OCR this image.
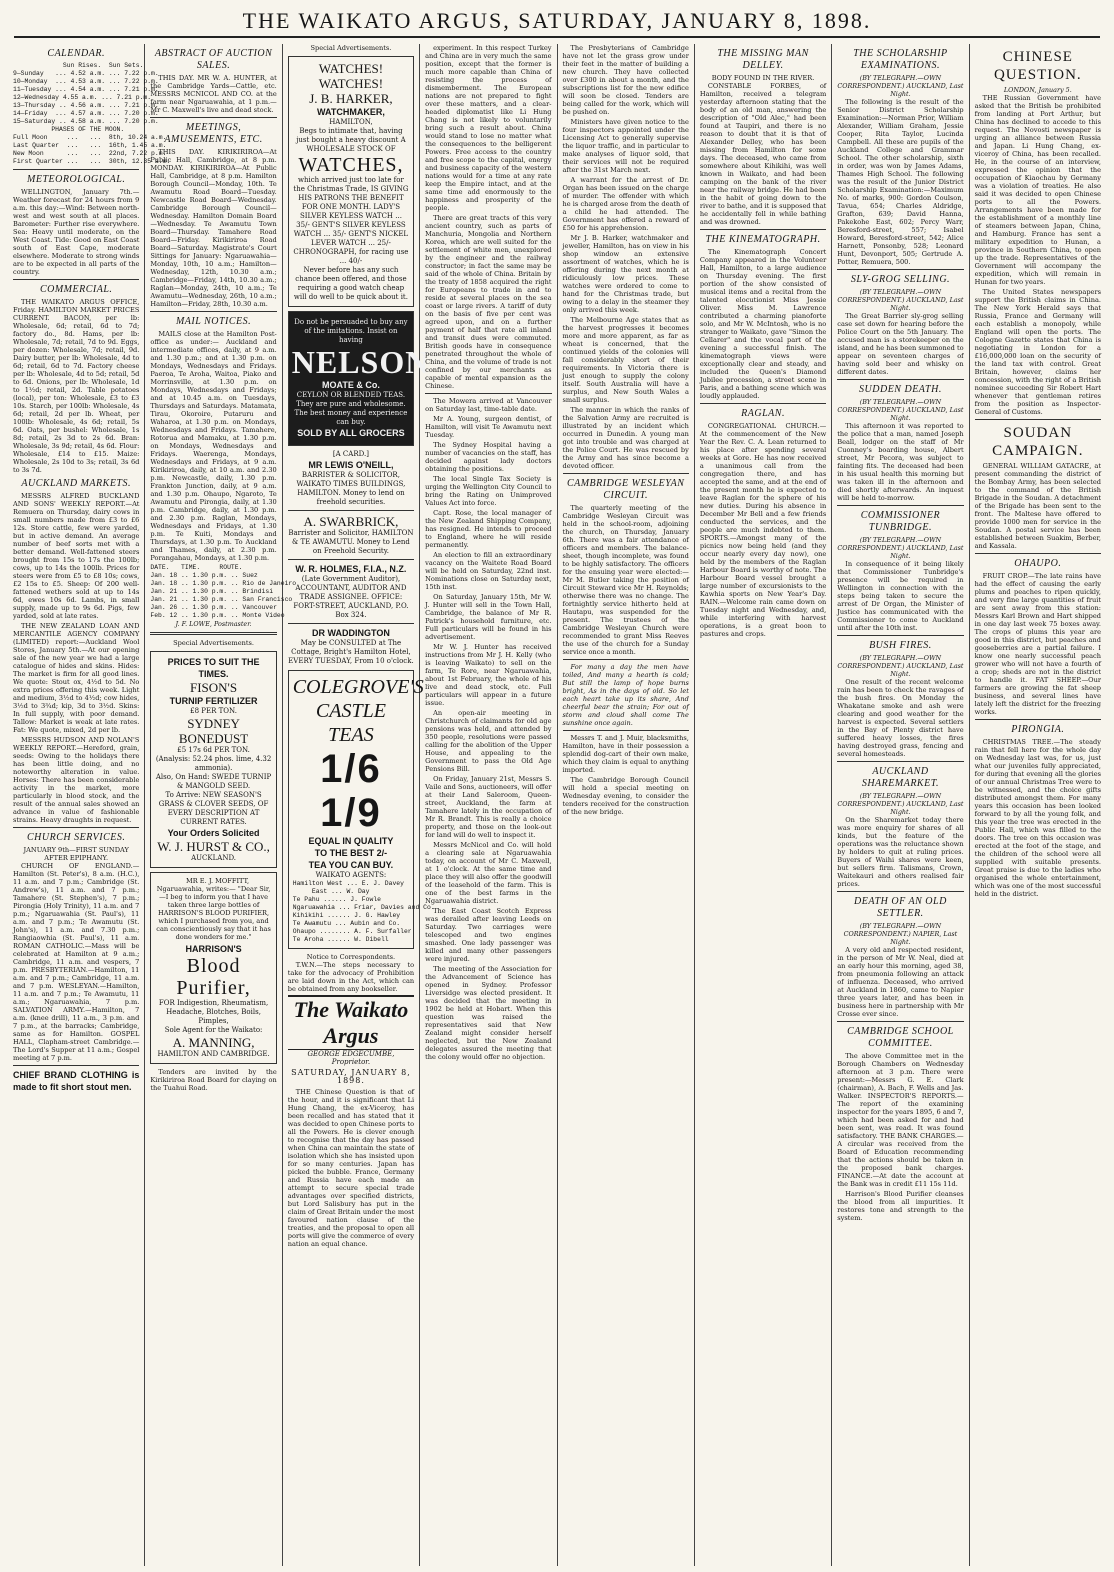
THE WAIKATO ARGUS, SATURDAY, JANUARY 8, 1898.
CALENDAR.
Sun Rises.  Sun Sets.
9—Sunday   ... 4.52 a.m. ... 7.22 p.m.
10—Monday  ... 4.53 a.m. ... 7.22 p.m.
11—Tuesday ... 4.54 a.m. ... 7.21 p.m.
12—Wednesday 4.55 a.m. ... 7.21 p.m.
13—Thursday .. 4.56 a.m. ... 7.21 p.m.
14—Friday  ... 4.57 a.m. ... 7.20 p.m.
15—Saturday .. 4.58 a.m. ... 7.20 p.m.
PHASES OF THE MOON.
Full Moon     ...   ...  8th, 10.24 a.m.
Last Quarter  ...   ...  16th, 1.45 a.m.
New Moon      ...   ...  22nd, 7.22 p.m.
First Quarter ...   ...  30th, 12.35 a.m.
METEOROLOGICAL.

WELLINGTON, January 7th.—Weather forecast for 24 hours from 9 a.m. this day:—Wind: Between north-west and west south at all places. Barometer: Further rise everywhere. Sea: Heavy until moderate, on the West Coast. Tide: Good on East Coast south of East Cape, moderate elsewhere. Moderate to strong winds are to be expected in all parts of the country.

COMMERCIAL.

THE WAIKATO ARGUS OFFICE, Friday. HAMILTON MARKET PRICES CURRENT. BACON, per lb: Wholesale, 6d; retail, 6d to 7d; factory do., 8d. Hams, per lb: Wholesale, 7d; retail, 7d to 9d. Eggs, per dozen: Wholesale, 7d; retail, 9d. Dairy butter, per lb: Wholesale, 4d to 6d; retail, 6d to 7d. Factory cheese per lb: Wholesale, 4d to 5d; retail, 5d to 6d. Onions, per lb: Wholesale, 1d to 1½d; retail, 2d. Table potatoes (local), per ton: Wholesale, £3 to £3 10s. Starch, per 100lb: Wholesale, 4s 6d; retail, 2d per lb. Wheat, per 100lb: Wholesale, 4s 6d; retail, 5s 6d. Oats, per bushel: Wholesale, 1s 8d; retail, 2s 3d to 2s 6d. Bran: Wholesale, 3s 9d; retail, 4s 6d. Flour: Wholesale, £14 to £15. Maize: Wholesale, 2s 10d to 3s; retail, 3s 6d to 3s 7d.

AUCKLAND MARKETS.

MESSRS ALFRED BUCKLAND AND SONS' WEEKLY REPORT.—At Remuera on Thursday, dairy cows in small numbers made from £3 to £6 12s. Store cattle, few were yarded, but in active demand. An average number of beef sorts met with a better demand. Well-fattened steers brought from 15s to 17s the 100lb; cows, up to 14s the 100lb. Prices for steers were from £5 to £8 10s; cows, £2 15s to £5. Sheep: Of 200 well-fattened wethers sold at up to 14s 6d, ewes 10s 6d. Lambs, in small supply, made up to 9s 6d. Pigs, few yarded, sold at late rates.

THE NEW ZEALAND LOAN AND MERCANTILE AGENCY COMPANY (LIMITED) report:—Auckland Wool Stores, January 5th.—At our opening sale of the new year we had a large catalogue of hides and skins. Hides: The market is firm for all good lines. We quote: Stout ox, 4½d to 5d. No extra prices offering this week. Light and medium, 3½d to 4½d; cow hides, 3½d to 3¾d; kip, 3d to 3½d. Skins: In full supply, with poor demand. Tallow: Market is weak at late rates. Fat: We quote, mixed, 2d per lb.

MESSRS HUDSON AND NOLAN'S WEEKLY REPORT.—Hereford, grain, seeds: Owing to the holidays there has been little doing, and no noteworthy alteration in value. Horses: There has been considerable activity in the market, more particularly in blood stock, and the result of the annual sales showed an advance in value of fashionable strains. Heavy draughts in request.

CHURCH SERVICES.
JANUARY 9th—FIRST SUNDAY AFTER EPIPHANY.

CHURCH OF ENGLAND.—Hamilton (St. Peter's), 8 a.m. (H.C.), 11 a.m. and 7 p.m.; Cambridge (St. Andrew's), 11 a.m. and 7 p.m.; Tamahere (St. Stephen's), 7 p.m.; Pirongia (Holy Trinity), 11 a.m. and 7 p.m.; Ngaruawahia (St. Paul's), 11 a.m. and 7 p.m.; Te Awamutu (St. John's), 11 a.m. and 7.30 p.m.; Rangiaowhia (St. Paul's), 11 a.m. ROMAN CATHOLIC.—Mass will be celebrated at Hamilton at 9 a.m.; Cambridge, 11 a.m. and vespers, 7 p.m. PRESBYTERIAN.—Hamilton, 11 a.m. and 7 p.m.; Cambridge, 11 a.m. and 7 p.m. WESLEYAN.—Hamilton, 11 a.m. and 7 p.m.; Te Awamutu, 11 a.m.; Ngaruawahia, 7 p.m. SALVATION ARMY.—Hamilton, 7 a.m. (knee drill), 11 a.m., 3 p.m. and 7 p.m., at the barracks; Cambridge, same as for Hamilton. GOSPEL HALL, Clapham-street Cambridge.—The Lord's Supper at 11 a.m.; Gospel meeting at 7 p.m.

CHIEF BRAND CLOTHING is made to fit short stout men.
ABSTRACT OF AUCTION SALES.

THIS DAY. MR W. A. HUNTER, at the Cambridge Yards—Cattle, etc. MESSRS MCNICOL AND CO. at the farm near Ngaruawahia, at 1 p.m.—Mr C. Maxwell's live and dead stock.

MEETINGS, AMUSEMENTS, ETC.

THIS DAY. KIRIKIRIROA—At Public Hall, Cambridge, at 8 p.m. MONDAY. KIRIKIRIROA—At Public Hall, Cambridge, at 8 p.m. Hamilton Borough Council—Monday, 10th. Te Awamutu Road Board—Tuesday. Newcastle Road Board—Wednesday. Cambridge Borough Council—Wednesday. Hamilton Domain Board—Wednesday. Te Awamutu Town Board—Thursday. Tamahere Road Board—Friday. Kirikiriroa Road Board—Saturday. Magistrate's Court Sittings for January: Ngaruawahia—Monday, 10th, 10 a.m.; Hamilton—Wednesday, 12th, 10.30 a.m.; Cambridge—Friday, 14th, 10.30 a.m.; Raglan—Monday, 24th, 10 a.m.; Te Awamutu—Wednesday, 26th, 10 a.m.; Hamilton—Friday, 28th, 10.30 a.m.

MAIL NOTICES.

MAILS close at the Hamilton Post-office as under:— Auckland and intermediate offices, daily, at 9 a.m. and 1.30 p.m.; and at 1.30 p.m. on Mondays, Wednesdays and Fridays. Paeroa, Te Aroha, Waitoa, Piako and Morrinsville, at 1.30 p.m. on Mondays, Wednesdays and Fridays; and at 10.45 a.m. on Tuesdays, Thursdays and Saturdays. Matamata, Tirau, Okoroire, Putaruru and Waharoa, at 1.30 p.m. on Mondays, Wednesdays and Fridays. Tamahere, Rotorua and Mamaku, at 1.30 p.m. on Mondays, Wednesdays and Fridays. Waerenga, Mondays, Wednesdays and Fridays, at 9 a.m. Kirikiriroa, daily, at 10 a.m. and 2.30 p.m. Newcastle, daily, 1.30 p.m. Frankton Junction, daily, at 9 a.m. and 1.30 p.m. Ohaupo, Ngaroto, Te Awamutu and Pirongia, daily, at 1.30 p.m. Cambridge, daily, at 1.30 p.m. and 2.30 p.m. Raglan, Mondays, Wednesdays and Fridays, at 1.30 p.m. Te Kuiti, Mondays and Thursdays, at 1.30 p.m. To Auckland and Thames, daily, at 2.30 p.m. Porangahau, Mondays, at 1.30 p.m.

DATE.   TIME.     ROUTE.
Jan. 18 .. 1.30 p.m. .. Suez
Jan. 18 .. 1.30 p.m. .. Rio de Janeiro
Jan. 21 .. 1.30 p.m. .. Brindisi
Jan. 21 .. 1.30 p.m. .. San Francisco
Jan. 26 .. 1.30 p.m. .. Vancouver
Feb. 12 .. 1.30 p.m. .. Monte Video
J. F. LOWE, Postmaster.
Special Advertisements.
PRICES TO SUIT THE TIMES.
FISON'S
TURNIP FERTILIZER
£8 PER TON.
SYDNEY BONEDUST
£5 17s 6d PER TON.
(Analysis: 52.24 phos. lime, 4.32 ammonia).
Also, On Hand: SWEDE TURNIP & MANGOLD SEED.
To Arrive: NEW SEASON'S GRASS & CLOVER SEEDS, OF EVERY DESCRIPTION AT CURRENT RATES.
Your Orders Solicited
W. J. HURST & CO.,
AUCKLAND.

MR E. J. MOFFITT, Ngaruawahia, writes:— "Dear Sir,—I beg to inform you that I have taken three large bottles of HARRISON'S BLOOD PURIFIER, which I purchased from you, and can conscientiously say that it has done wonders for me."

HARRISON'S
Blood Purifier,
FOR Indigestion, Rheumatism, Headache, Blotches, Boils, Pimples,
Sole Agent for the Waikato:
A. MANNING,
HAMILTON AND CAMBRIDGE.

Tenders are invited by the Kirikiriroa Road Board for claying on the Tuahui Road.

Special Advertisements.
WATCHES! WATCHES!
J. B. HARKER,
WATCHMAKER,
HAMILTON,
Begs to intimate that, having just bought a heavy discount A WHOLESALE STOCK OF
WATCHES,
which arrived just too late for the Christmas Trade, IS GIVING HIS PATRONS THE BENEFIT FOR ONE MONTH. LADY'S SILVER KEYLESS WATCH ... 35/- GENT'S SILVER KEYLESS WATCH ... 35/- GENT'S NICKEL LEVER WATCH ... 25/- CHRONOGRAPH, for racing use ... 40/-
Never before has any such chance been offered, and those requiring a good watch cheap will do well to be quick about it.
Do not be persuaded to buy any of the imitations. Insist on having
NELSON
MOATE & Co.
CEYLON OR BLENDED TEAS. They are pure and wholesome. The best money and experience can buy.
SOLD BY ALL GROCERS
[A CARD.]
MR LEWIS O'NEILL,
BARRISTER & SOLICITOR, WAIKATO TIMES BUILDINGS, HAMILTON. Money to lend on freehold securities.
A. SWARBRICK,
Barrister and Solicitor, HAMILTON & TE AWAMUTU. Money to Lend on Freehold Security.
W. R. HOLMES, F.I.A., N.Z.
(Late Government Auditor), ACCOUNTANT, AUDITOR AND TRADE ASSIGNEE. OFFICE: FORT-STREET, AUCKLAND, P.O. Box 324.
DR WADDINGTON
May be CONSULTED at The Cottage, Bright's Hamilton Hotel, EVERY TUESDAY, From 10 o'clock.
COLEGROVE'S CASTLE TEAS
1/6 1/9
EQUAL IN QUALITY
TO THE BEST 2/-
TEA YOU CAN BUY.
WAIKATO AGENTS:
Hamilton West ... E. J. Davey
East ... W. Day
Te Pahu ...... J. Fowle
Ngaruawahia ... Friar, Davies and Co.
Kihikihi ...... J. G. Hawley
Te Awamutu ... Aubin and Co.
Ohaupo ........ A. F. Surfaller
Te Aroha ...... W. Dibell
Notice to Correspondents.

T.W.N.—The steps necessary to take for the advocacy of Prohibition are laid down in the Act, which can be obtained from any bookseller.

The Waikato Argus
GEORGE EDGECUMBE, Proprietor.
SATURDAY, JANUARY 8, 1898.

THE Chinese Question is that of the hour, and it is significant that Li Hung Chang, the ex-Viceroy, has been recalled and has stated that it was decided to open Chinese ports to all the Powers. He is clever enough to recognise that the day has passed when China can maintain the state of isolation which she has insisted upon for so many centuries. Japan has picked the bubble. France, Germany and Russia have each made an attempt to secure special trade advantages over specified districts, but Lord Salisbury has put in the claim of Great Britain under the most favoured nation clause of the treaties, and the proposal to open all ports will give the commerce of every nation an equal chance.

experiment. In this respect Turkey and China are in very much the same position, except that the former is much more capable than China of resisting the process of dismemberment. The European nations are not prepared to fight over these matters, and a clear-headed diplomatist like Li Hung Chang is not likely to voluntarily bring such a result about. China would stand to lose no matter what the consequences to the belligerent Powers. Free access to the country and free scope to the capital, energy and business capacity of the western nations would for a time at any rate keep the Empire intact, and at the same time add enormously to the happiness and prosperity of the people.

There are great tracts of this very ancient country, such as parts of Manchuria, Mongolia and Northern Korea, which are well suited for the settlement of white men, unexplored by the engineer and the railway constructor; in fact the same may be said of the whole of China. Britain by the treaty of 1858 acquired the right for Europeans to trade in and to reside at several places on the sea coast or large rivers. A tariff of duty on the basis of five per cent was agreed upon, and on a further payment of half that rate all inland and transit dues were commuted. British goods have in consequence penetrated throughout the whole of China, and the volume of trade is not confined by our merchants as capable of mental expansion as the Chinese.

The Mowera arrived at Vancouver on Saturday last, time-table date.

Mr A. Young, surgeon dentist, of Hamilton, will visit Te Awamutu next Tuesday.

The Sydney Hospital having a number of vacancies on the staff, has decided against lady doctors obtaining the positions.

The local Single Tax Society is urging the Wellington City Council to bring the Rating on Unimproved Values Act into force.

Capt. Rose, the local manager of the New Zealand Shipping Company, has resigned. He intends to proceed to England, where he will reside permanently.

An election to fill an extraordinary vacancy on the Waitete Road Board will be held on Saturday, 22nd inst. Nominations close on Saturday next, 15th inst.

On Saturday, January 15th, Mr W. J. Hunter will sell in the Town Hall, Cambridge, the balance of Mr R. Patrick's household furniture, etc. Full particulars will be found in his advertisement.

Mr W. J. Hunter has received instructions from Mr J. H. Kelly (who is leaving Waikato) to sell on the farm, Te Rore, near Ngaruawahia, about 1st February, the whole of his live and dead stock, etc. Full particulars will appear in a future issue.

An open-air meeting in Christchurch of claimants for old age pensions was held, and attended by 350 people, resolutions were passed calling for the abolition of the Upper House, and appealing to the Government to pass the Old Age Pensions Bill.

On Friday, January 21st, Messrs S. Vaile and Sons, auctioneers, will offer at their Land Saleroom, Queen-street, Auckland, the farm at Tamahere lately in the occupation of Mr R. Brandt. This is really a choice property, and those on the look-out for land will do well to inspect it.

Messrs McNicol and Co. will hold a clearing sale at Ngaruawahia today, on account of Mr C. Maxwell, at 1 o'clock. At the same time and place they will also offer the goodwill of the leasehold of the farm. This is one of the best farms in the Ngaruawahia district.

The East Coast Scotch Express was derailed after leaving Leeds on Saturday. Two carriages were telescoped and two engines smashed. One lady passenger was killed and many other passengers were injured.

The meeting of the Association for the Advancement of Science has opened in Sydney. Professor Liversidge was elected president. It was decided that the meeting in 1902 be held at Hobart. When this question was raised the representatives said that New Zealand might consider herself neglected, but the New Zealand delegates assured the meeting that the colony would offer no objection.

The Presbyterians of Cambridge have not let the grass grow under their feet in the matter of building a new church. They have collected over £300 in about a month, and the subscriptions list for the new edifice will soon be closed. Tenders are being called for the work, which will be pushed on.

Ministers have given notice to the four inspectors appointed under the Licensing Act to generally supervise the liquor traffic, and in particular to make analyses of liquor sold, that their services will not be required after the 31st March next.

A warrant for the arrest of Dr. Organ has been issued on the charge of murder. The offender with which he is charged arose from the death of a child he had attended. The Government has offered a reward of £50 for his apprehension.

Mr J. B. Harker, watchmaker and jeweller, Hamilton, has on view in his shop window an extensive assortment of watches, which he is offering during the next month at ridiculously low prices. These watches were ordered to come to hand for the Christmas trade, but owing to a delay in the steamer they only arrived this week.

The Melbourne Age states that as the harvest progresses it becomes more and more apparent, as far as wheat is concerned, that the continued yields of the colonies will fall considerably short of their requirements. In Victoria there is just enough to supply the colony itself. South Australia will have a surplus, and New South Wales a small surplus.

The manner in which the ranks of the Salvation Army are recruited is illustrated by an incident which occurred in Dunedin. A young man got into trouble and was charged at the Police Court. He was rescued by the Army and has since become a devoted officer.

CAMBRIDGE WESLEYAN CIRCUIT.

The quarterly meeting of the Cambridge Wesleyan Circuit was held in the school-room, adjoining the church, on Thursday, January 6th. There was a fair attendance of officers and members. The balance-sheet, though incomplete, was found to be highly satisfactory. The officers for the ensuing year were elected:—Mr M. Butler taking the position of Circuit Steward vice Mr H. Reynolds; otherwise there was no change. The fortnightly service hitherto held at Hautapu, was suspended for the present. The trustees of the Cambridge Wesleyan Church were recommended to grant Miss Reeves the use of the church for a Sunday service once a month.

For many a day the men have toiled, And many a hearth is cold; But still the lamp of hope burns bright, As in the days of old. So let each heart take up its share, And cheerful bear the strain; For out of storm and cloud shall come The sunshine once again.

Messrs T. and J. Muir, blacksmiths, Hamilton, have in their possession a splendid dog-cart of their own make, which they claim is equal to anything imported.

The Cambridge Borough Council will hold a special meeting on Wednesday evening, to consider the tenders received for the construction of the new bridge.

THE MISSING MAN DELLEY.
BODY FOUND IN THE RIVER.

CONSTABLE FORBES, of Hamilton, received a telegram yesterday afternoon stating that the body of an old man, answering the description of "Old Alec," had been found at Taupiri, and there is no reason to doubt that it is that of Alexander Delley, who has been missing from Hamilton for some days. The deceased, who came from somewhere about Kihikihi, was well known in Waikato, and had been camping on the bank of the river near the railway bridge. He had been in the habit of going down to the river to bathe, and it is supposed that he accidentally fell in while bathing and was drowned.

THE KINEMATOGRAPH.

The Kinematograph Concert Company appeared in the Volunteer Hall, Hamilton, to a large audience on Thursday evening. The first portion of the show consisted of musical items and a recital from the talented elocutionist Miss Jessie Oliver. Miss M. Lawrence contributed a charming pianoforte solo, and Mr W. McIntosh, who is no stranger to Waikato, gave "Simon the Cellarer" and the vocal part of the evening a successful finish. The kinematograph views were exceptionally clear and steady, and included the Queen's Diamond Jubilee procession, a street scene in Paris, and a bathing scene which was loudly applauded.

RAGLAN.

CONGREGATIONAL CHURCH.—At the commencement of the New Year the Rev. C. A. Lean returned to his place after spending several weeks at Gore. He has now received a unanimous call from the congregation there, and has accepted the same, and at the end of the present month he is expected to leave Raglan for the sphere of his new duties. During his absence in December Mr Bell and a few friends conducted the services, and the people are much indebted to them. SPORTS.—Amongst many of the picnics now being held (and they occur nearly every day now), one held by the members of the Raglan Harbour Board is worthy of note. The Harbour Board vessel brought a large number of excursionists to the Kawhia sports on New Year's Day. RAIN.—Welcome rain came down on Tuesday night and Wednesday, and, while interfering with harvest operations, is a great boon to pastures and crops.

THE SCHOLARSHIP EXAMINATIONS.
(BY TELEGRAPH.—OWN CORRESPONDENT.) AUCKLAND, Last Night.

The following is the result of the Senior District Scholarship Examination:—Norman Prior, William Alexander, William Graham, Jessie Cooper, Rita Taylor, Lucinda Campbell. All these are pupils of the Auckland College and Grammar School. The other scholarship, sixth in order, was won by James Adams, Thames High School. The following was the result of the Junior District Scholarship Examination:—Maximum No. of marks, 900: Gordon Coulson, Tavua, 654; Charles Aldridge, Grafton, 639; David Hanna, Pakekohe East, 602; Percy Warr, Beresford-street, 557; Isabel Howard, Beresford-street, 542; Alice Harnett, Ponsonby, 528; Leonard Hunt, Devonport, 505; Gertrude A. Potter, Remuera, 500.

SLY-GROG SELLING.
(BY TELEGRAPH.—OWN CORRESPONDENT.) AUCKLAND, Last Night.

The Great Barrier sly-grog selling case set down for hearing before the Police Court on the 5th January. The accused man is a storekeeper on the island, and he has been summoned to appear on seventeen charges of having sold beer and whisky on different dates.

SUDDEN DEATH.
(BY TELEGRAPH.—OWN CORRESPONDENT.) AUCKLAND, Last Night.

This afternoon it was reported to the police that a man, named Joseph Beall, lodger on the staff of Mr Cuonney's boarding house, Albert street, Mr Pecora, was subject to fainting fits. The deceased had been in his usual health this morning but was taken ill in the afternoon and died shortly afterwards. An inquest will be held to-morrow.

COMMISSIONER TUNBRIDGE.
(BY TELEGRAPH.—OWN CORRESPONDENT.) AUCKLAND, Last Night.

In consequence of it being likely that Commissioner Tunbridge's presence will be required in Wellington in connection with the steps being taken to secure the arrest of Dr Organ, the Minister of Justice has communicated with the Commissioner to come to Auckland until after the 10th inst.

BUSH FIRES.
(BY TELEGRAPH.—OWN CORRESPONDENT.) AUCKLAND, Last Night.

One result of the recent welcome rain has been to check the ravages of the bush fires. On Monday the Whakatane smoke and ash were clearing and good weather for the harvest is expected. Several settlers in the Bay of Plenty district have suffered heavy losses, the fires having destroyed grass, fencing and several homesteads.

AUCKLAND SHAREMARKET.
(BY TELEGRAPH.—OWN CORRESPONDENT.) AUCKLAND, Last Night.

On the Sharemarket today there was more enquiry for shares of all kinds, but the feature of the operations was the reluctance shown by holders to quit at ruling prices. Buyers of Waihi shares were keen, but sellers firm. Talismans, Crown, Waitekauri and others realised fair prices.

DEATH OF AN OLD SETTLER.
(BY TELEGRAPH.—OWN CORRESPONDENT.) NAPIER, Last Night.

A very old and respected resident, in the person of Mr W. Neal, died at an early hour this morning, aged 38, from pneumonia following an attack of influenza. Deceased, who arrived at Auckland in 1860, came to Napier three years later, and has been in business here in partnership with Mr Crosse ever since.

CAMBRIDGE SCHOOL COMMITTEE.

The above Committee met in the Borough Chambers on Wednesday afternoon at 3 p.m. There were present:—Messrs G. E. Clark (chairman), A. Bach, F. Wells and Jas. Walker. INSPECTOR'S REPORTS.—The report of the examining inspector for the years 1895, 6 and 7, which had been asked for and had been sent, was read. It was found satisfactory. THE BANK CHARGES.—A circular was received from the Board of Education recommending that the actions should be taken in the proposed bank charges. FINANCE.—At date the account at the Bank was in credit £11 15s 11d.

Harrison's Blood Purifier cleanses the blood from all impurities. It restores tone and strength to the system.

CHINESE QUESTION.
LONDON, January 5.

THE Russian Government have asked that the British be prohibited from landing at Port Arthur, but China has declined to accede to this request. The Novosti newspaper is urging an alliance between Russia and Japan. Li Hung Chang, ex-viceroy of China, has been recalled. He, in the course of an interview, expressed the opinion that the occupation of Kiaochau by Germany was a violation of treaties. He also said it was decided to open Chinese ports to all the Powers. Arrangements have been made for the establishment of a monthly line of steamers between Japan, China, and Hamburg. France has sent a military expedition to Hunan, a province in Southern China, to open up the trade. Representatives of the Government will accompany the expedition, which will remain in Hunan for two years.

The United States newspapers support the British claims in China. The New York Herald says that Russia, France and Germany will each establish a monopoly, while England will open the ports. The Cologne Gazette states that China is negotiating in London for a £16,000,000 loan on the security of the land tax with control. Great Britain, however, claims her concession, with the right of a British nominee succeeding Sir Robert Hart whenever that gentleman retires from the position as Inspector-General of Customs.

SOUDAN CAMPAIGN.

GENERAL WILLIAM GATACRE, at present commanding the district of the Bombay Army, has been selected to the command of the British Brigade in the Soudan. A detachment of the Brigade has been sent to the front. The Maltese have offered to provide 1000 men for service in the Soudan. A postal service has been established between Suakim, Berber, and Kassala.

OHAUPO.

FRUIT CROP.—The late rains have had the effect of causing the early plums and peaches to ripen quickly, and very fine large quantities of fruit are sent away from this station: Messrs Karl Brown and Hart shipped in one day last week 75 boxes away. The crops of plums this year are good in this district, but peaches and gooseberries are a partial failure. I know one nearly successful peach grower who will not have a fourth of a crop; sheds are not in the district to handle it. FAT SHEEP.—Our farmers are growing the fat sheep business, and several lines have lately left the district for the freezing works.

PIRONGIA.

CHRISTMAS TREE.—The steady rain that fell here for the whole day on Wednesday last was, for us, just what our juveniles fully appreciated, for during that evening all the glories of our annual Christmas Tree were to be witnessed, and the choice gifts distributed amongst them. For many years this occasion has been looked forward to by all the young folk, and this year the tree was erected in the Public Hall, which was filled to the doors. The tree on this occasion was erected at the foot of the stage, and the children of the school were all supplied with suitable presents. Great praise is due to the ladies who organised the whole entertainment, which was one of the most successful held in the district.
